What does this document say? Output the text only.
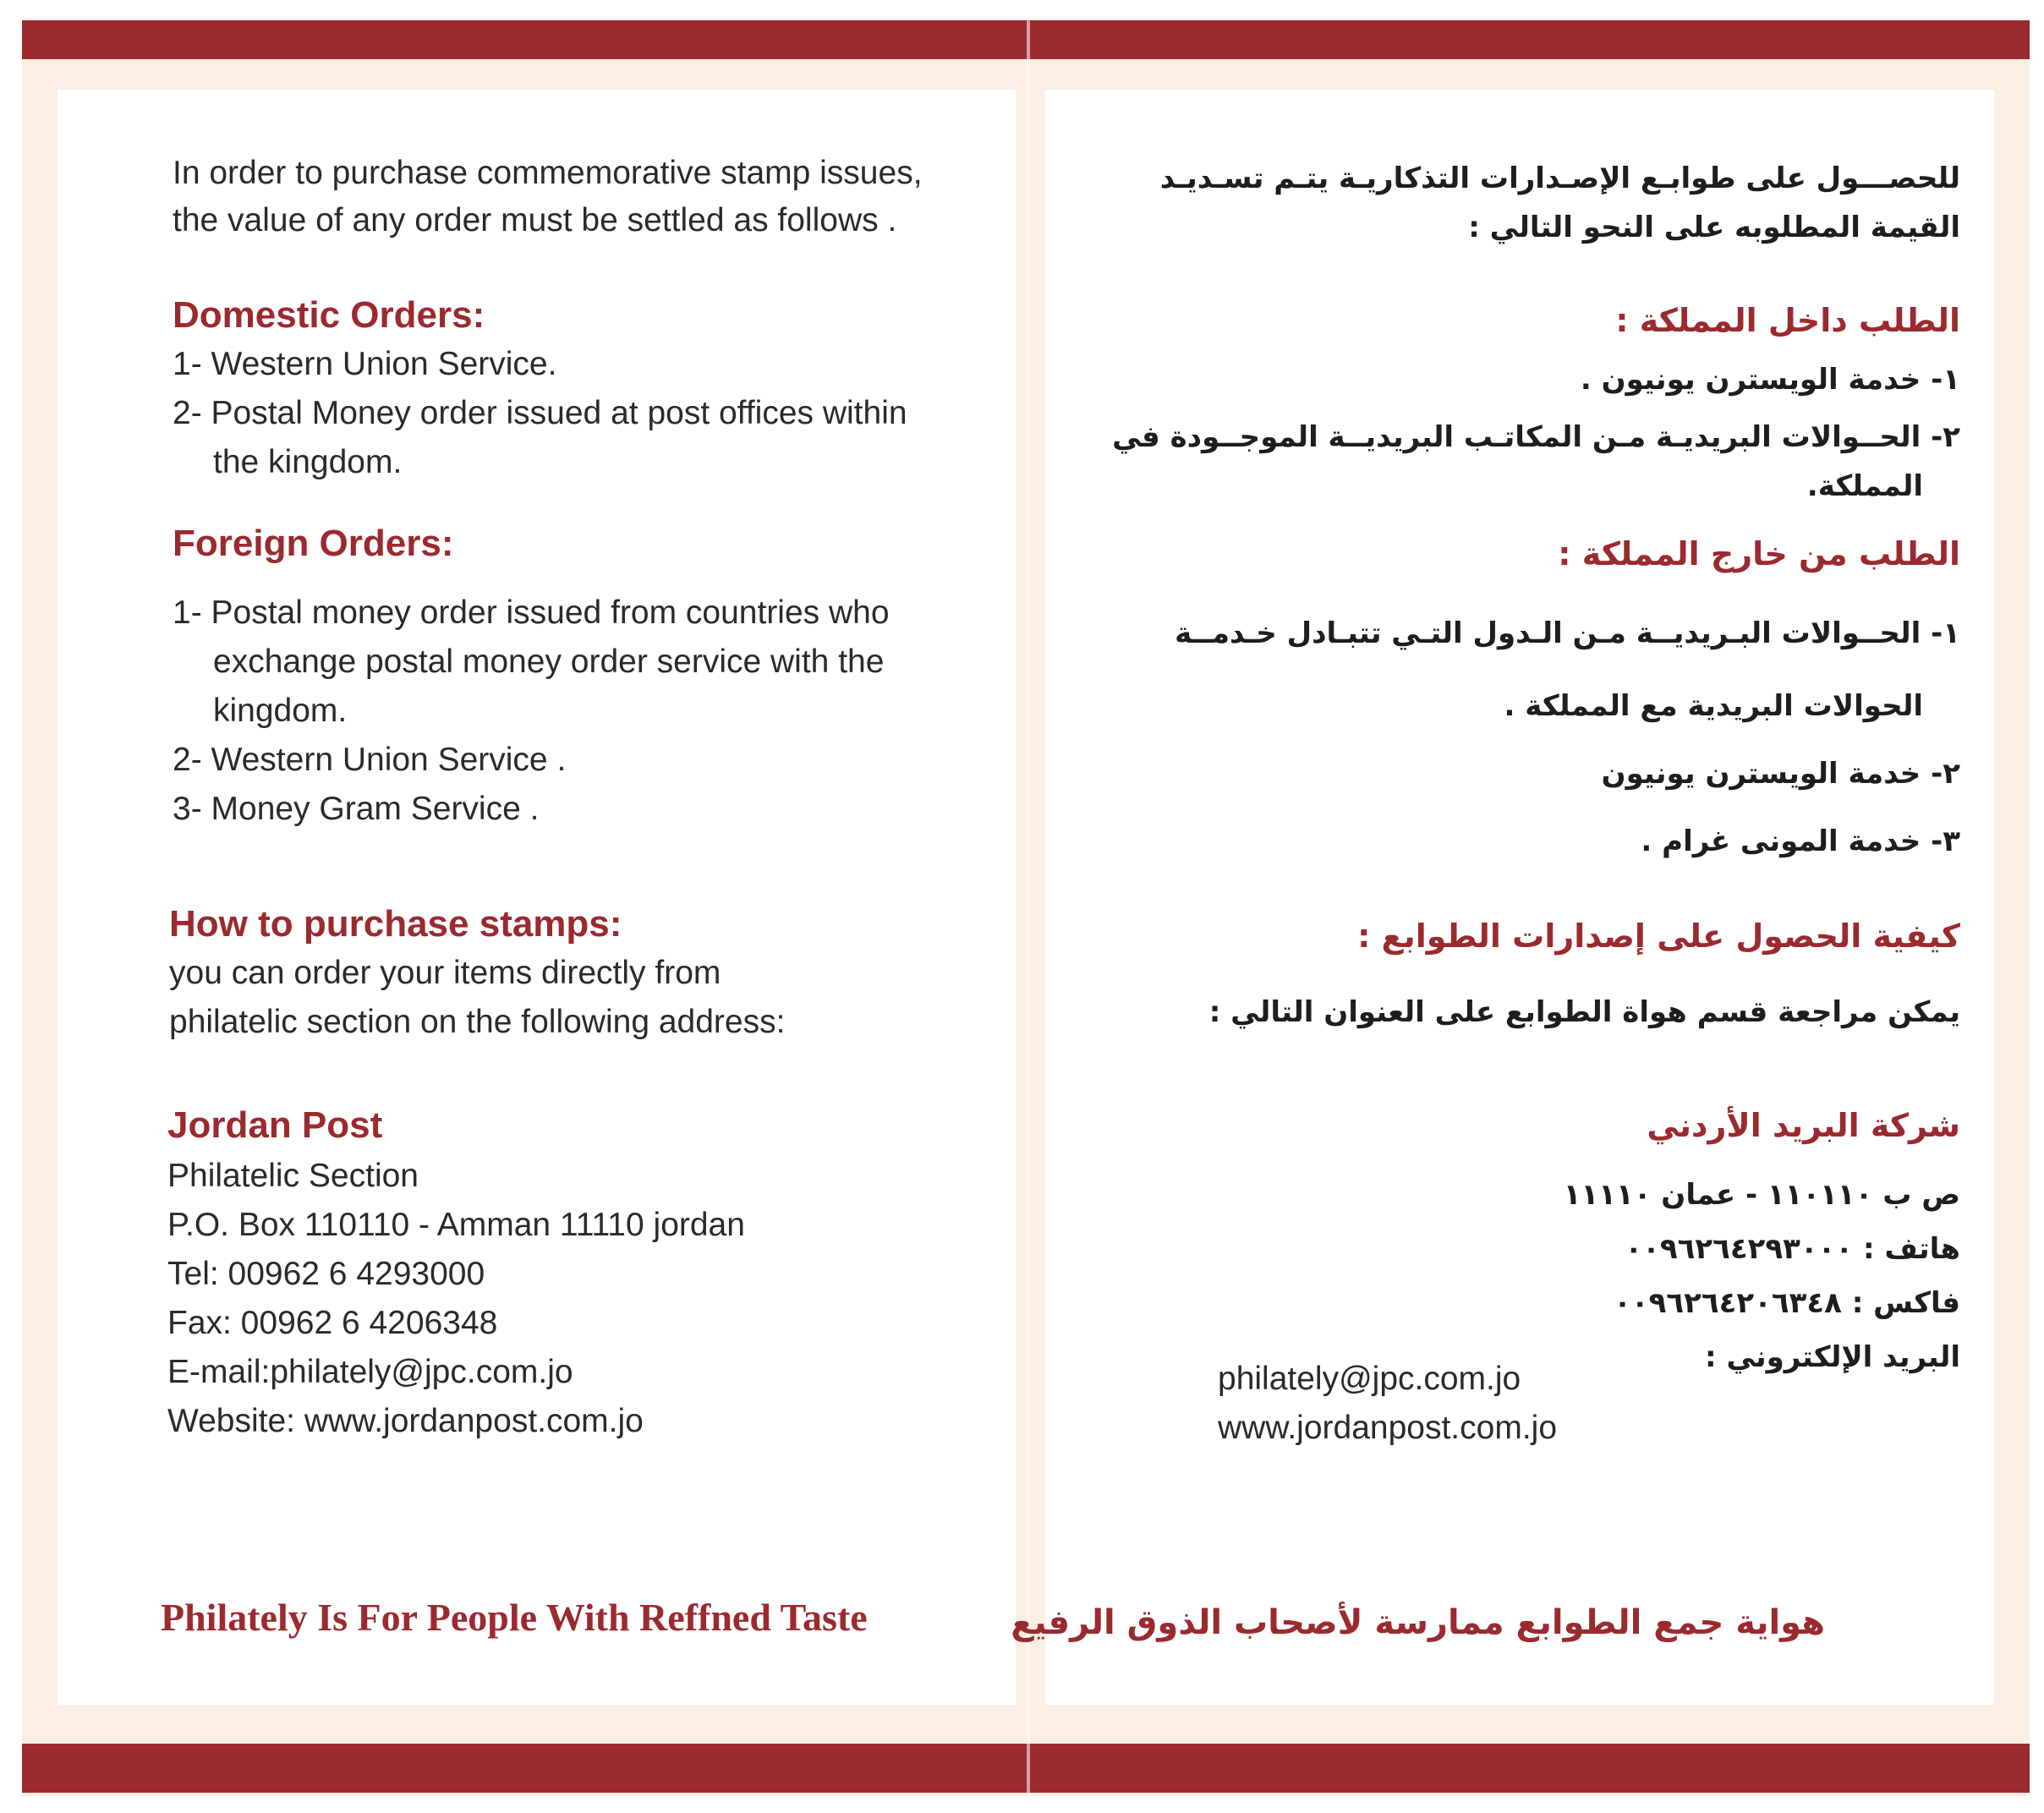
In order to purchase commemorative stamp issues,
the value of any order must be settled as follows .
Domestic Orders:
1- Western Union Service.
2- Postal Money order issued at post offices within
the kingdom.
Foreign Orders:
1- Postal money order issued from countries who
exchange postal money order service with the
kingdom.
2- Western Union Service .
3- Money Gram Service .
How to purchase stamps:
you can order your items directly from
philatelic section on the following address:
Jordan Post
Philatelic Section
P.O. Box 110110 - Amman 11110 jordan
Tel: 00962 6 4293000
Fax: 00962 6 4206348
E-mail:philately@jpc.com.jo
Website: www.jordanpost.com.jo
Philately Is For People With Reffned Taste
للحصـــول على طوابـع الإصـدارات التذكاريـة يتـم تسـديـد
القيمة المطلوبه على النحو التالي :
الطلب داخل المملكة :
١- خدمة الويسترن يونيون .
٢- الحــوالات البريديـة مـن المكاتـب البريديــة الموجــودة في
المملكة.
الطلب من خارج المملكة :
١- الحــوالات البـريديــة مـن الـدول التـي تتبـادل خـدمــة
الحوالات البريدية مع المملكة .
٢- خدمة الويسترن يونيون
٣- خدمة المونى غرام .
كيفية الحصول على إصدارات الطوابع :
يمكن مراجعة قسم هواة الطوابع على العنوان التالي :
شركة البريد الأردني
ص ب ١١٠١١٠ - عمان ١١١١٠
هاتف : ٠٠٩٦٢٦٤٢٩٣٠٠٠
فاكس : ٠٠٩٦٢٦٤٢٠٦٣٤٨
البريد الإلكتروني :
philately@jpc.com.jo
www.jordanpost.com.jo
هواية جمع الطوابع ممارسة لأصحاب الذوق الرفيع
